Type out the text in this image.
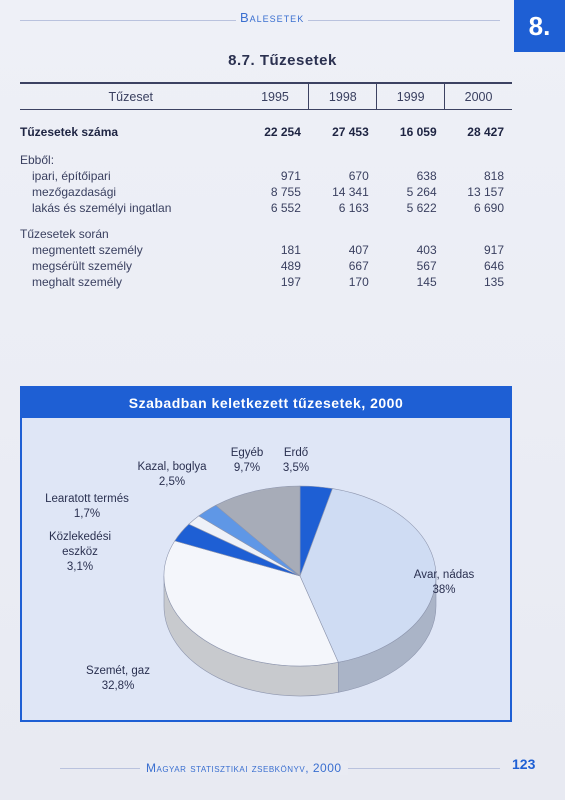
Balesetek	8.
8.7. Tűzesetek
Tűzeset	1995	1998	1999	2000
Tűzesetek száma	22 254	27 453	16 059	28 427
Ebből:				
ipari, építőipari	971	670	638	818
mezőgazdasági	8 755	14 341	5 264	13 157
lakás és személyi ingatlan	6 552	6 163	5 622	6 690

Tűzesetek során				
megmentett személy	181	407	403	917
megsérült személy	489	667	567	646
meghalt személy	197	170	145	135
Szabadban keletkezett tűzesetek, 2000
Erdő 3,5%
Avar, nádas 38%
Szemét, gaz 32,8%
Közlekedési eszköz 3,1%
Learatott termés 1,7%
Kazal, boglya 2,5%
Egyéb 9,7%
Magyar statisztikai zsebkönyv, 2000	123
